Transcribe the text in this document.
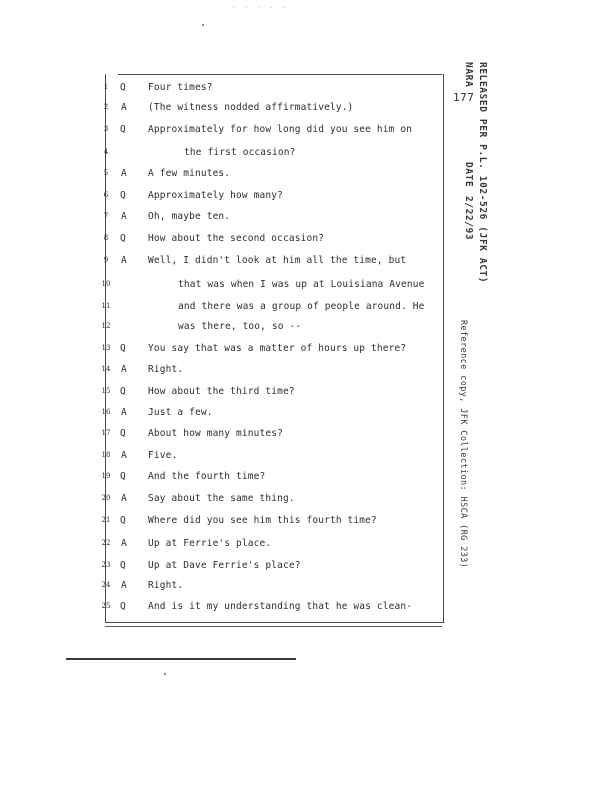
· · · · ·
177
1	Q Four times?
2	A (The witness nodded affirmatively.)
3	Q Approximately for how long did you see him on
4	the first occasion?
5	A A few minutes.
6	Q Approximately how many?
7	A Oh, maybe ten.
8	Q How about the second occasion?
9	A Well, I didn't look at him all the time, but
10	that was when I was up at Louisiana Avenue
11	and there was a group of people around. He
12	was there, too, so --
13 Q You say that was a matter of hours up there?
14 A Right.
15 Q How about the third time?
16 A Just a few.
17 Q About how many minutes?
18 A Five.
19 Q And the fourth time?
20 A Say about the same thing.
21 Q Where did you see him this fourth time?
22 A Up at Ferrie's place.
23 Q Up at Dave Ferrie's place?
24 A Right.
25 Q And is it my understanding that he was clean-
RELEASED PER P.L. 102-526 (JFK ACT)
NARA
DATE
2/22/93
Reference copy, JFK Collection: HSCA (RG 233)
